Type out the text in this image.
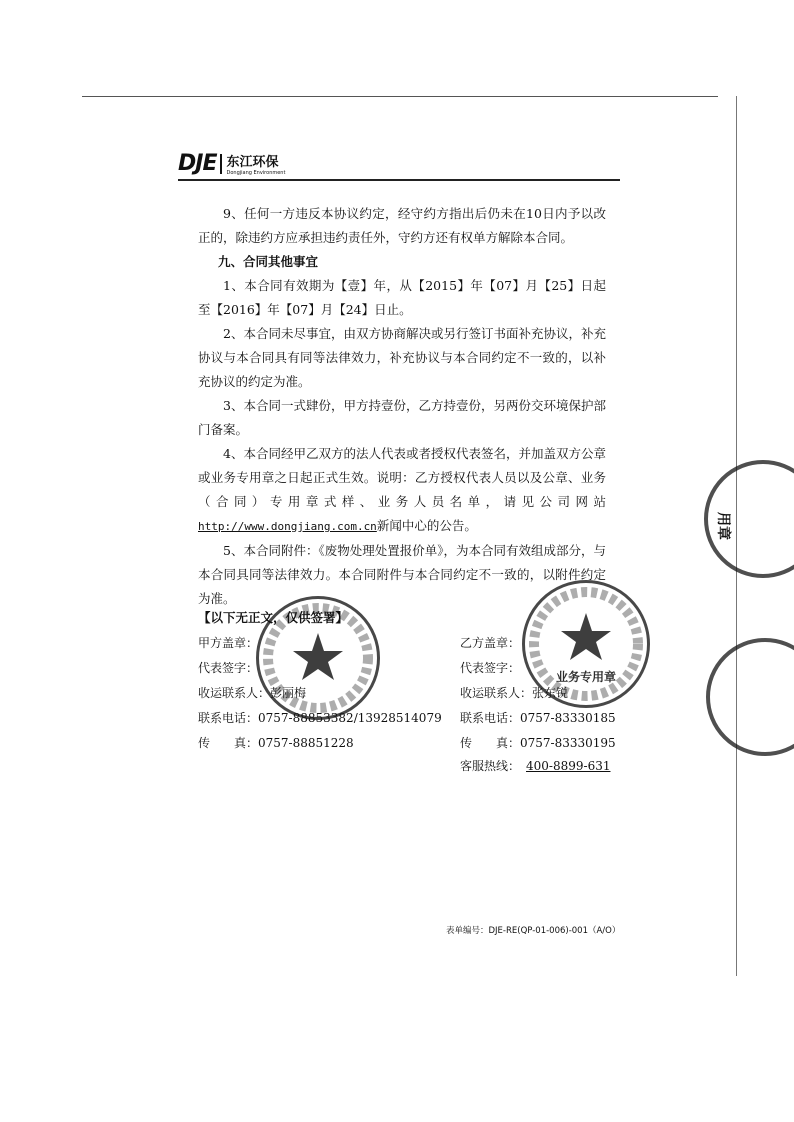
DJE 东江环保
Dongjiang Environment

9、任何一方违反本协议约定，经守约方指出后仍未在10日内予以改正的，除违约方应承担违约责任外，守约方还有权单方解除本合同。

九、合同其他事宜

1、本合同有效期为【壹】年，从【2015】年【07】月【25】日起至【2016】年【07】月【24】日止。

2、本合同未尽事宜，由双方协商解决或另行签订书面补充协议，补充协议与本合同具有同等法律效力，补充协议与本合同约定不一致的，以补充协议的约定为准。

3、本合同一式肆份，甲方持壹份，乙方持壹份，另两份交环境保护部门备案。

4、本合同经甲乙双方的法人代表或者授权代表签名，并加盖双方公章或业务专用章之日起正式生效。说明：乙方授权代表人员以及公章、业务（合同）专用章式样、业务人员名单，请见公司网站http://www.dongjiang.com.cn新闻中心的公告。

5、本合同附件：《废物处理处置报价单》，为本合同有效组成部分，与本合同具同等法律效力。本合同附件与本合同约定不一致的，以附件约定为准。

【以下无正文，仅供签署】
甲方盖章：
代表签字：
收运联系人：彭丽梅
联系电话：0757-88853382/13928514079
传　　真：0757-88851228
乙方盖章：
代表签字：
收运联系人：张东锐
联系电话：0757-83330185
传　　真：0757-83330195
客服热线： 400-8899-631
业务专用章
用章
表单编号：DJE-RE(QP-01-006)-001（A/O）
